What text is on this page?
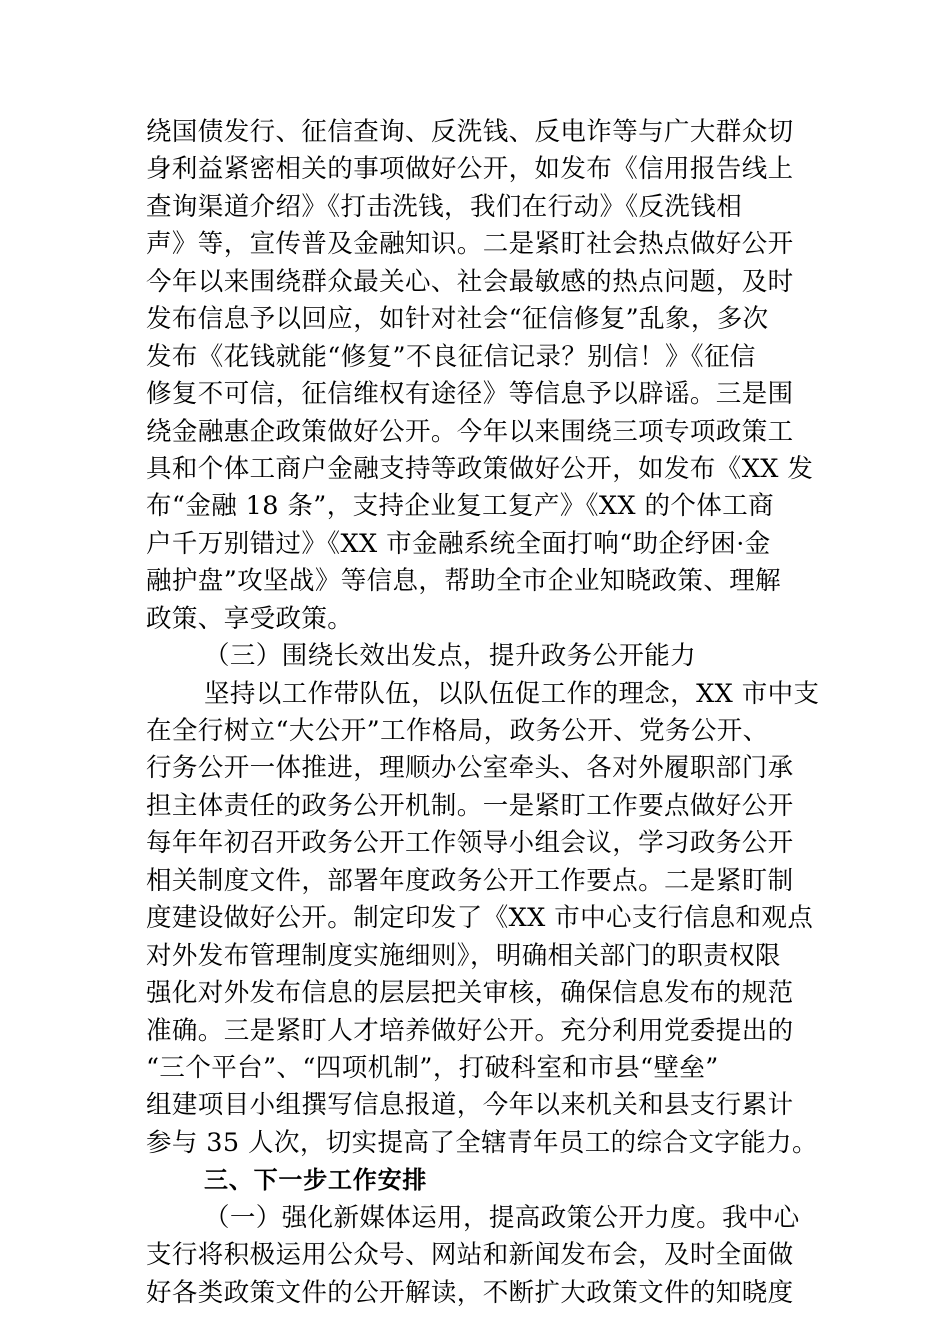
绕国债发行、征信查询、反洗钱、反电诈等与广大群众切
身利益紧密相关的事项做好公开，如发布《信用报告线上
查询渠道介绍》《打击洗钱，我们在行动》《反洗钱相
声》等，宣传普及金融知识。二是紧盯社会热点做好公开
今年以来围绕群众最关心、社会最敏感的热点问题，及时
发布信息予以回应，如针对社会“征信修复”乱象，多次
发布《花钱就能“修复”不良征信记录？别信！》《征信
修复不可信，征信维权有途径》等信息予以辟谣。三是围
绕金融惠企政策做好公开。今年以来围绕三项专项政策工
具和个体工商户金融支持等政策做好公开，如发布《XX 发
布“金融 18 条”，支持企业复工复产》《XX 的个体工商
户千万别错过》《XX 市金融系统全面打响“助企纾困·金
融护盘”攻坚战》等信息，帮助全市企业知晓政策、理解
政策、享受政策。
（三）围绕长效出发点，提升政务公开能力
坚持以工作带队伍，以队伍促工作的理念，XX 市中支
在全行树立“大公开”工作格局，政务公开、党务公开、
行务公开一体推进，理顺办公室牵头、各对外履职部门承
担主体责任的政务公开机制。一是紧盯工作要点做好公开
每年年初召开政务公开工作领导小组会议，学习政务公开
相关制度文件，部署年度政务公开工作要点。二是紧盯制
度建设做好公开。制定印发了《XX 市中心支行信息和观点
对外发布管理制度实施细则》，明确相关部门的职责权限
强化对外发布信息的层层把关审核，确保信息发布的规范
准确。三是紧盯人才培养做好公开。充分利用党委提出的
“三个平台”、“四项机制”，打破科室和市县“壁垒”
组建项目小组撰写信息报道，今年以来机关和县支行累计
参与 35 人次，切实提高了全辖青年员工的综合文字能力。
三、下一步工作安排
（一）强化新媒体运用，提高政策公开力度。我中心
支行将积极运用公众号、网站和新闻发布会，及时全面做
好各类政策文件的公开解读，不断扩大政策文件的知晓度
